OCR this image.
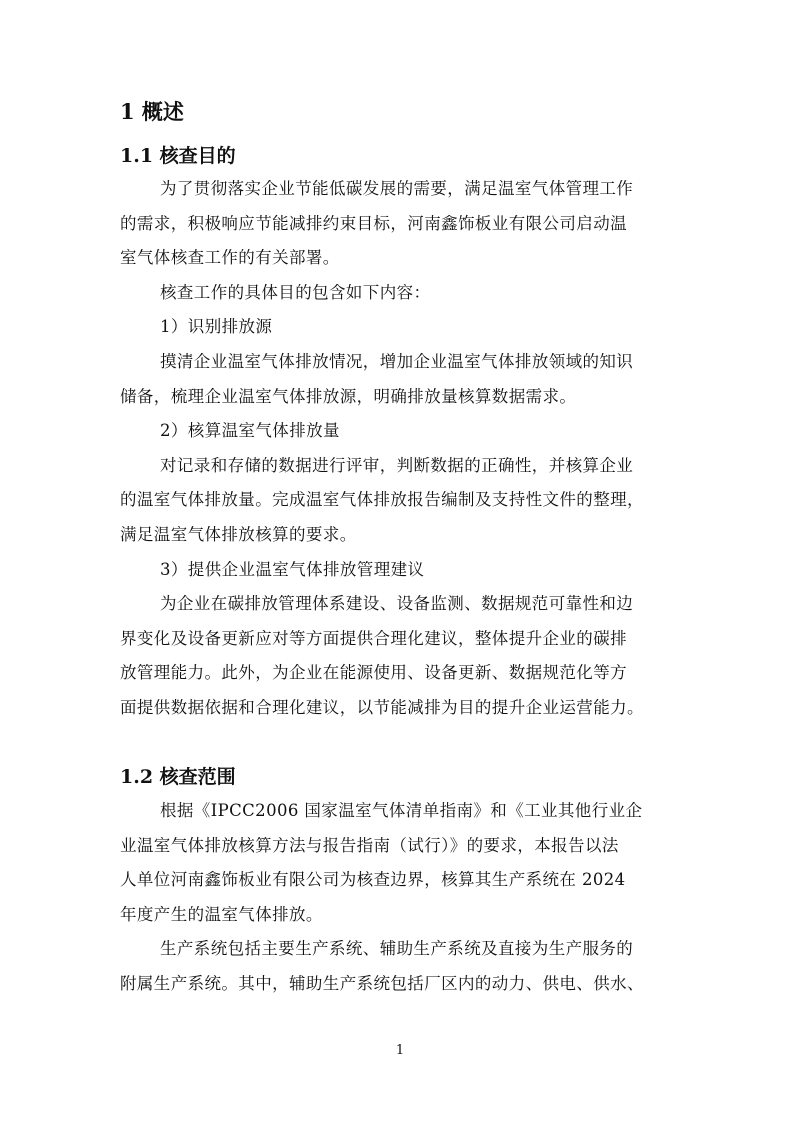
1 概述
1.1 核查目的
为了贯彻落实企业节能低碳发展的需要，满足温室气体管理工作
的需求，积极响应节能减排约束目标，河南鑫饰板业有限公司启动温
室气体核查工作的有关部署。
核查工作的具体目的包含如下内容：
1）识别排放源
摸清企业温室气体排放情况，增加企业温室气体排放领域的知识
储备，梳理企业温室气体排放源，明确排放量核算数据需求。
2）核算温室气体排放量
对记录和存储的数据进行评审，判断数据的正确性，并核算企业
的温室气体排放量。完成温室气体排放报告编制及支持性文件的整理，
满足温室气体排放核算的要求。
3）提供企业温室气体排放管理建议
为企业在碳排放管理体系建设、设备监测、数据规范可靠性和边
界变化及设备更新应对等方面提供合理化建议，整体提升企业的碳排
放管理能力。此外，为企业在能源使用、设备更新、数据规范化等方
面提供数据依据和合理化建议，以节能减排为目的提升企业运营能力。
1.2 核查范围
根据《IPCC2006 国家温室气体清单指南》和《工业其他行业企
业温室气体排放核算方法与报告指南（试行）》的要求，本报告以法
人单位河南鑫饰板业有限公司为核查边界，核算其生产系统在 2024
年度产生的温室气体排放。
生产系统包括主要生产系统、辅助生产系统及直接为生产服务的
附属生产系统。其中，辅助生产系统包括厂区内的动力、供电、供水、
1
